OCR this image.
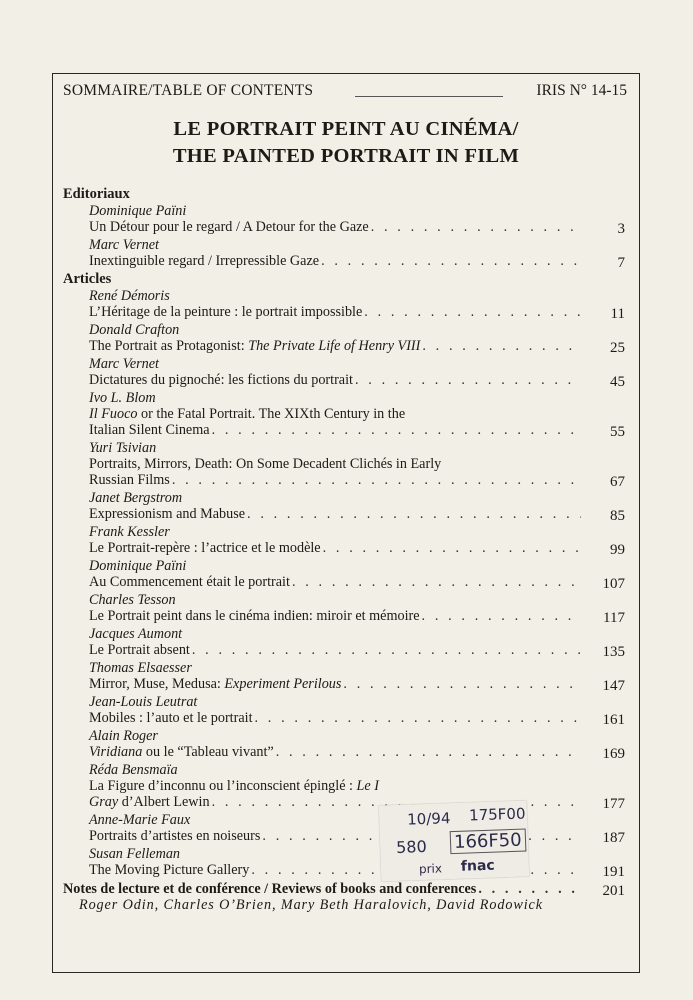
SOMMAIRE/TABLE OF CONTENTS	IRIS N° 14-15
LE PORTRAIT PEINT AU CINÉMA/
THE PAINTED PORTRAIT IN FILM
Editoriaux
Dominique Païni
Un Détour pour le regard / A Detour for the Gaze . . .	3
Marc Vernet
Inextinguible regard / Irrepressible Gaze . . .	7
Articles
René Démoris
L’Héritage de la peinture : le portrait impossible . . .	11
Donald Crafton
The Portrait as Protagonist: The Private Life of Henry VIII . . .	25
Marc Vernet
Dictatures du pignoché: les fictions du portrait . . .	45
Ivo L. Blom
Il Fuoco or the Fatal Portrait. The XIXth Century in the
Italian Silent Cinema . . .	55
Yuri Tsivian
Portraits, Mirrors, Death: On Some Decadent Clichés in Early
Russian Films . . .	67
Janet Bergstrom
Expressionism and Mabuse . . .	85
Frank Kessler
Le Portrait-repère : l’actrice et le modèle . . .	99
Dominique Païni
Au Commencement était le portrait . . .	107
Charles Tesson
Le Portrait peint dans le cinéma indien: miroir et mémoire . . .	117
Jacques Aumont
Le Portrait absent . . .	135
Thomas Elsaesser
Mirror, Muse, Medusa: Experiment Perilous . . .	147
Jean-Louis Leutrat
Mobiles : l’auto et le portrait . . .	161
Alain Roger
Viridiana ou le “Tableau vivant” . . .	169
Réda Bensmaïa
La Figure d’inconnu ou l’inconscient épinglé : Le I
Gray d’Albert Lewin . . .	177
Anne-Marie Faux
Portraits d’artistes en noiseurs . . .	187
Susan Felleman
The Moving Picture Gallery . . .	191
Notes de lecture et de conférence / Reviews of books and conferences . . .	201
Roger Odin, Charles O’Brien, Mary Beth Haralovich, David Rodowick
10/94 175F00
580 166F50
prix fnac
